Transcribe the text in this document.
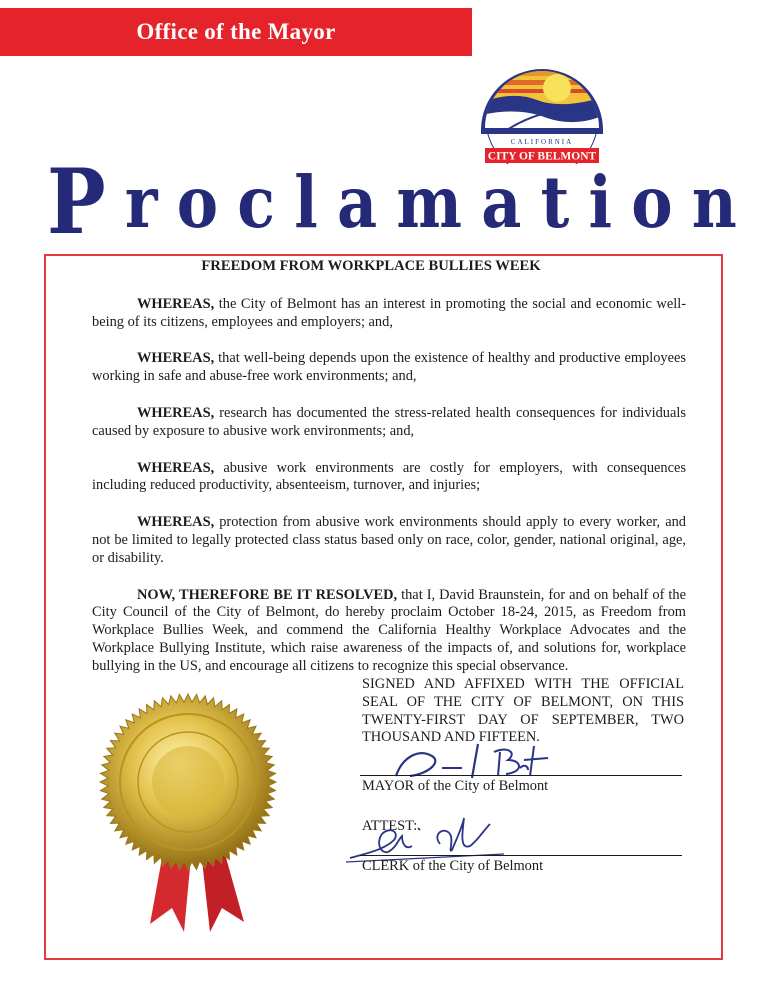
Office of the Mayor
CALIFORNIA
CITY OF BELMONT
P r o c l a m a t i o n
FREEDOM FROM WORKPLACE BULLIES WEEK

WHEREAS, the City of Belmont has an interest in promoting the social and economic well-being of its citizens, employees and employers; and,

WHEREAS, that well-being depends upon the existence of healthy and productive employees working in safe and abuse-free work environments; and,

WHEREAS, research has documented the stress-related health consequences for individuals caused by exposure to abusive work environments; and,

WHEREAS, abusive work environments are costly for employers, with consequences including reduced productivity, absenteeism, turnover, and injuries;

WHEREAS, protection from abusive work environments should apply to every worker, and not be limited to legally protected class status based only on race, color, gender, national original, age, or disability.

NOW, THEREFORE BE IT RESOLVED, that I, David Braunstein, for and on behalf of the City Council of the City of Belmont, do hereby proclaim October 18-24, 2015, as Freedom from Workplace Bullies Week, and commend the California Healthy Workplace Advocates and the Workplace Bullying Institute, which raise awareness of the impacts of, and solutions for, workplace bullying in the US, and encourage all citizens to recognize this special observance.

SIGNED AND AFFIXED WITH THE OFFICIAL SEAL OF THE CITY OF BELMONT, ON THIS TWENTY-FIRST DAY OF SEPTEMBER, TWO THOUSAND AND FIFTEEN.
MAYOR of the City of Belmont
ATTEST:
CLERK of the City of Belmont
